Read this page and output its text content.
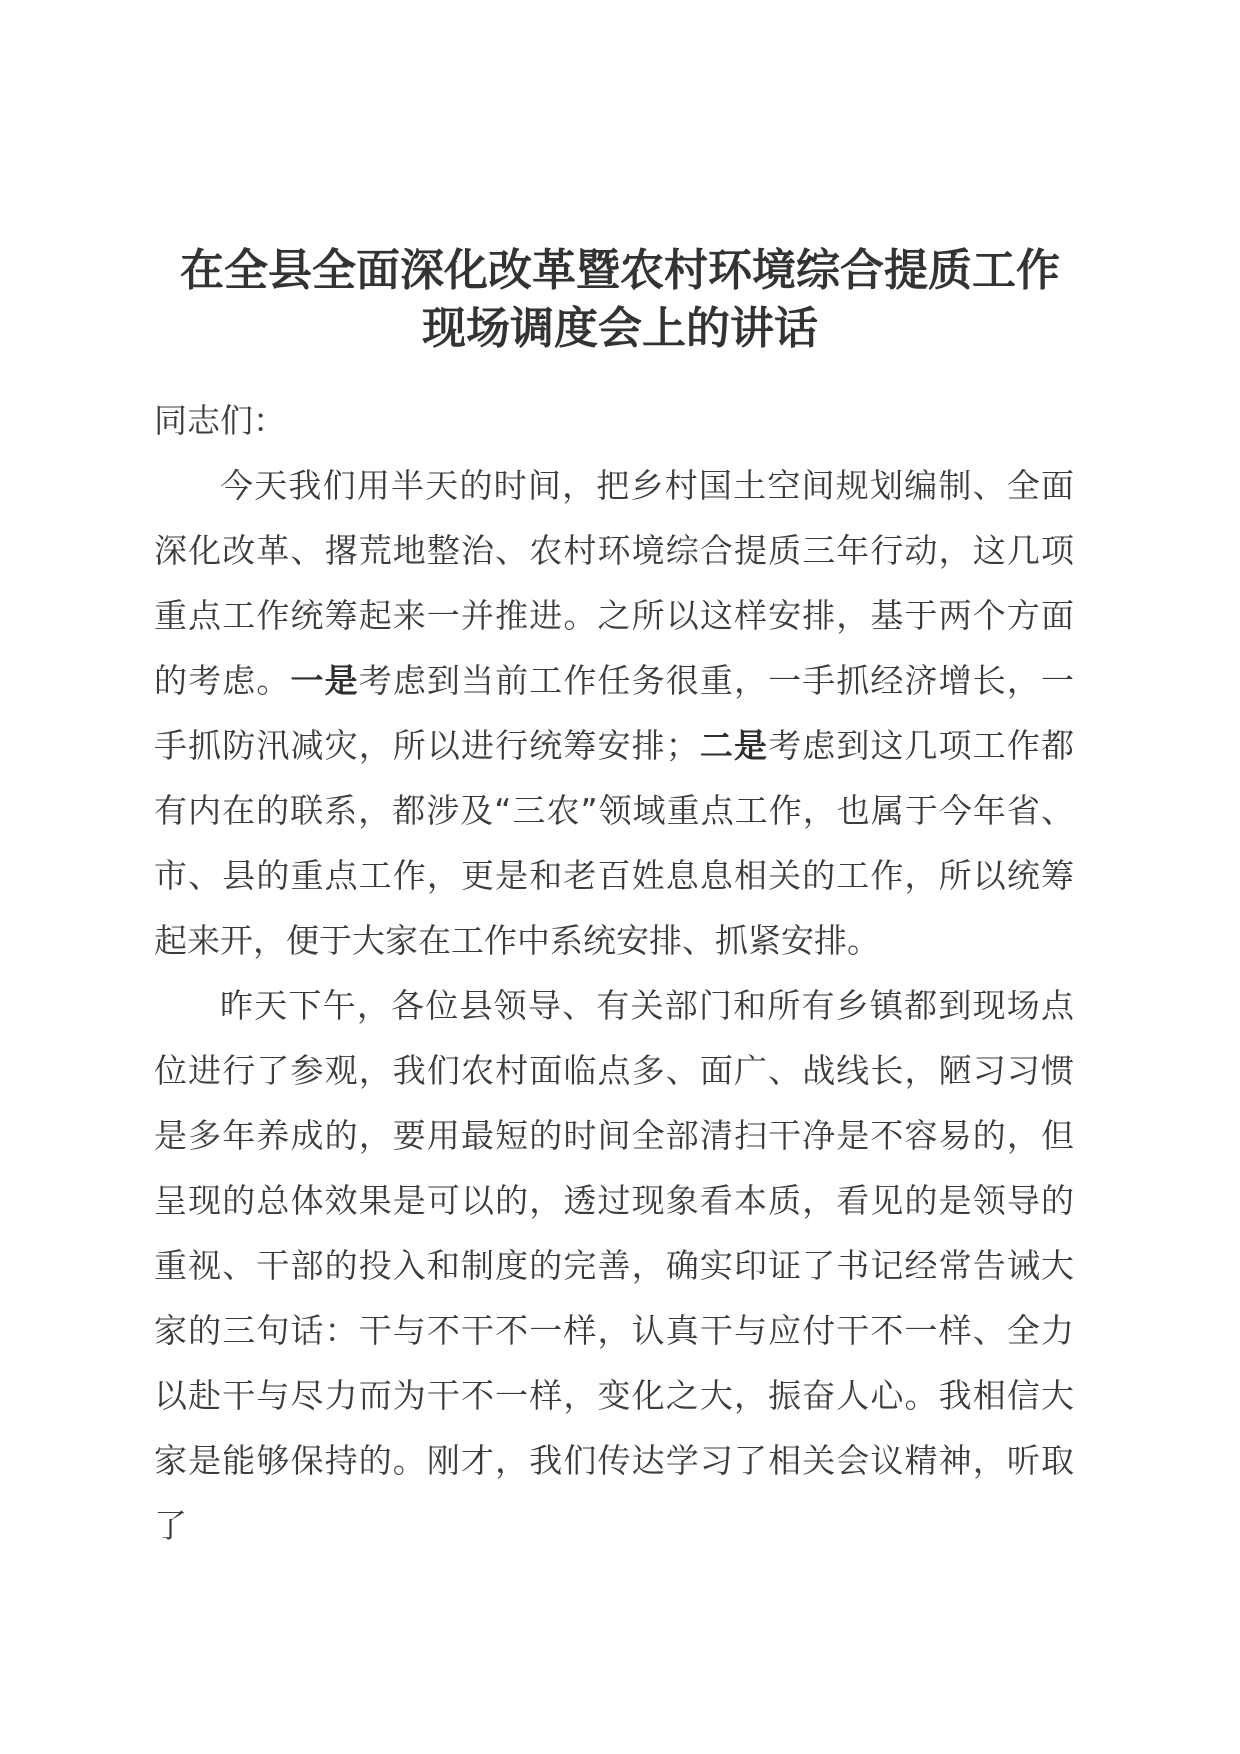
在全县全面深化改革暨农村环境综合提质工作
现场调度会上的讲话

同志们：

今天我们用半天的时间，把乡村国土空间规划编制、全面深化改革、撂荒地整治、农村环境综合提质三年行动，这几项重点工作统筹起来一并推进。之所以这样安排，基于两个方面的考虑。一是考虑到当前工作任务很重，一手抓经济增长，一手抓防汛减灾，所以进行统筹安排；二是考虑到这几项工作都有内在的联系，都涉及“三农”领域重点工作，也属于今年省、市、县的重点工作，更是和老百姓息息相关的工作，所以统筹起来开，便于大家在工作中系统安排、抓紧安排。

昨天下午，各位县领导、有关部门和所有乡镇都到现场点位进行了参观，我们农村面临点多、面广、战线长，陋习习惯是多年养成的，要用最短的时间全部清扫干净是不容易的，但呈现的总体效果是可以的，透过现象看本质，看见的是领导的重视、干部的投入和制度的完善，确实印证了书记经常告诫大家的三句话：干与不干不一样，认真干与应付干不一样、全力以赴干与尽力而为干不一样，变化之大，振奋人心。我相信大家是能够保持的。刚才，我们传达学习了相关会议精神，听取了
